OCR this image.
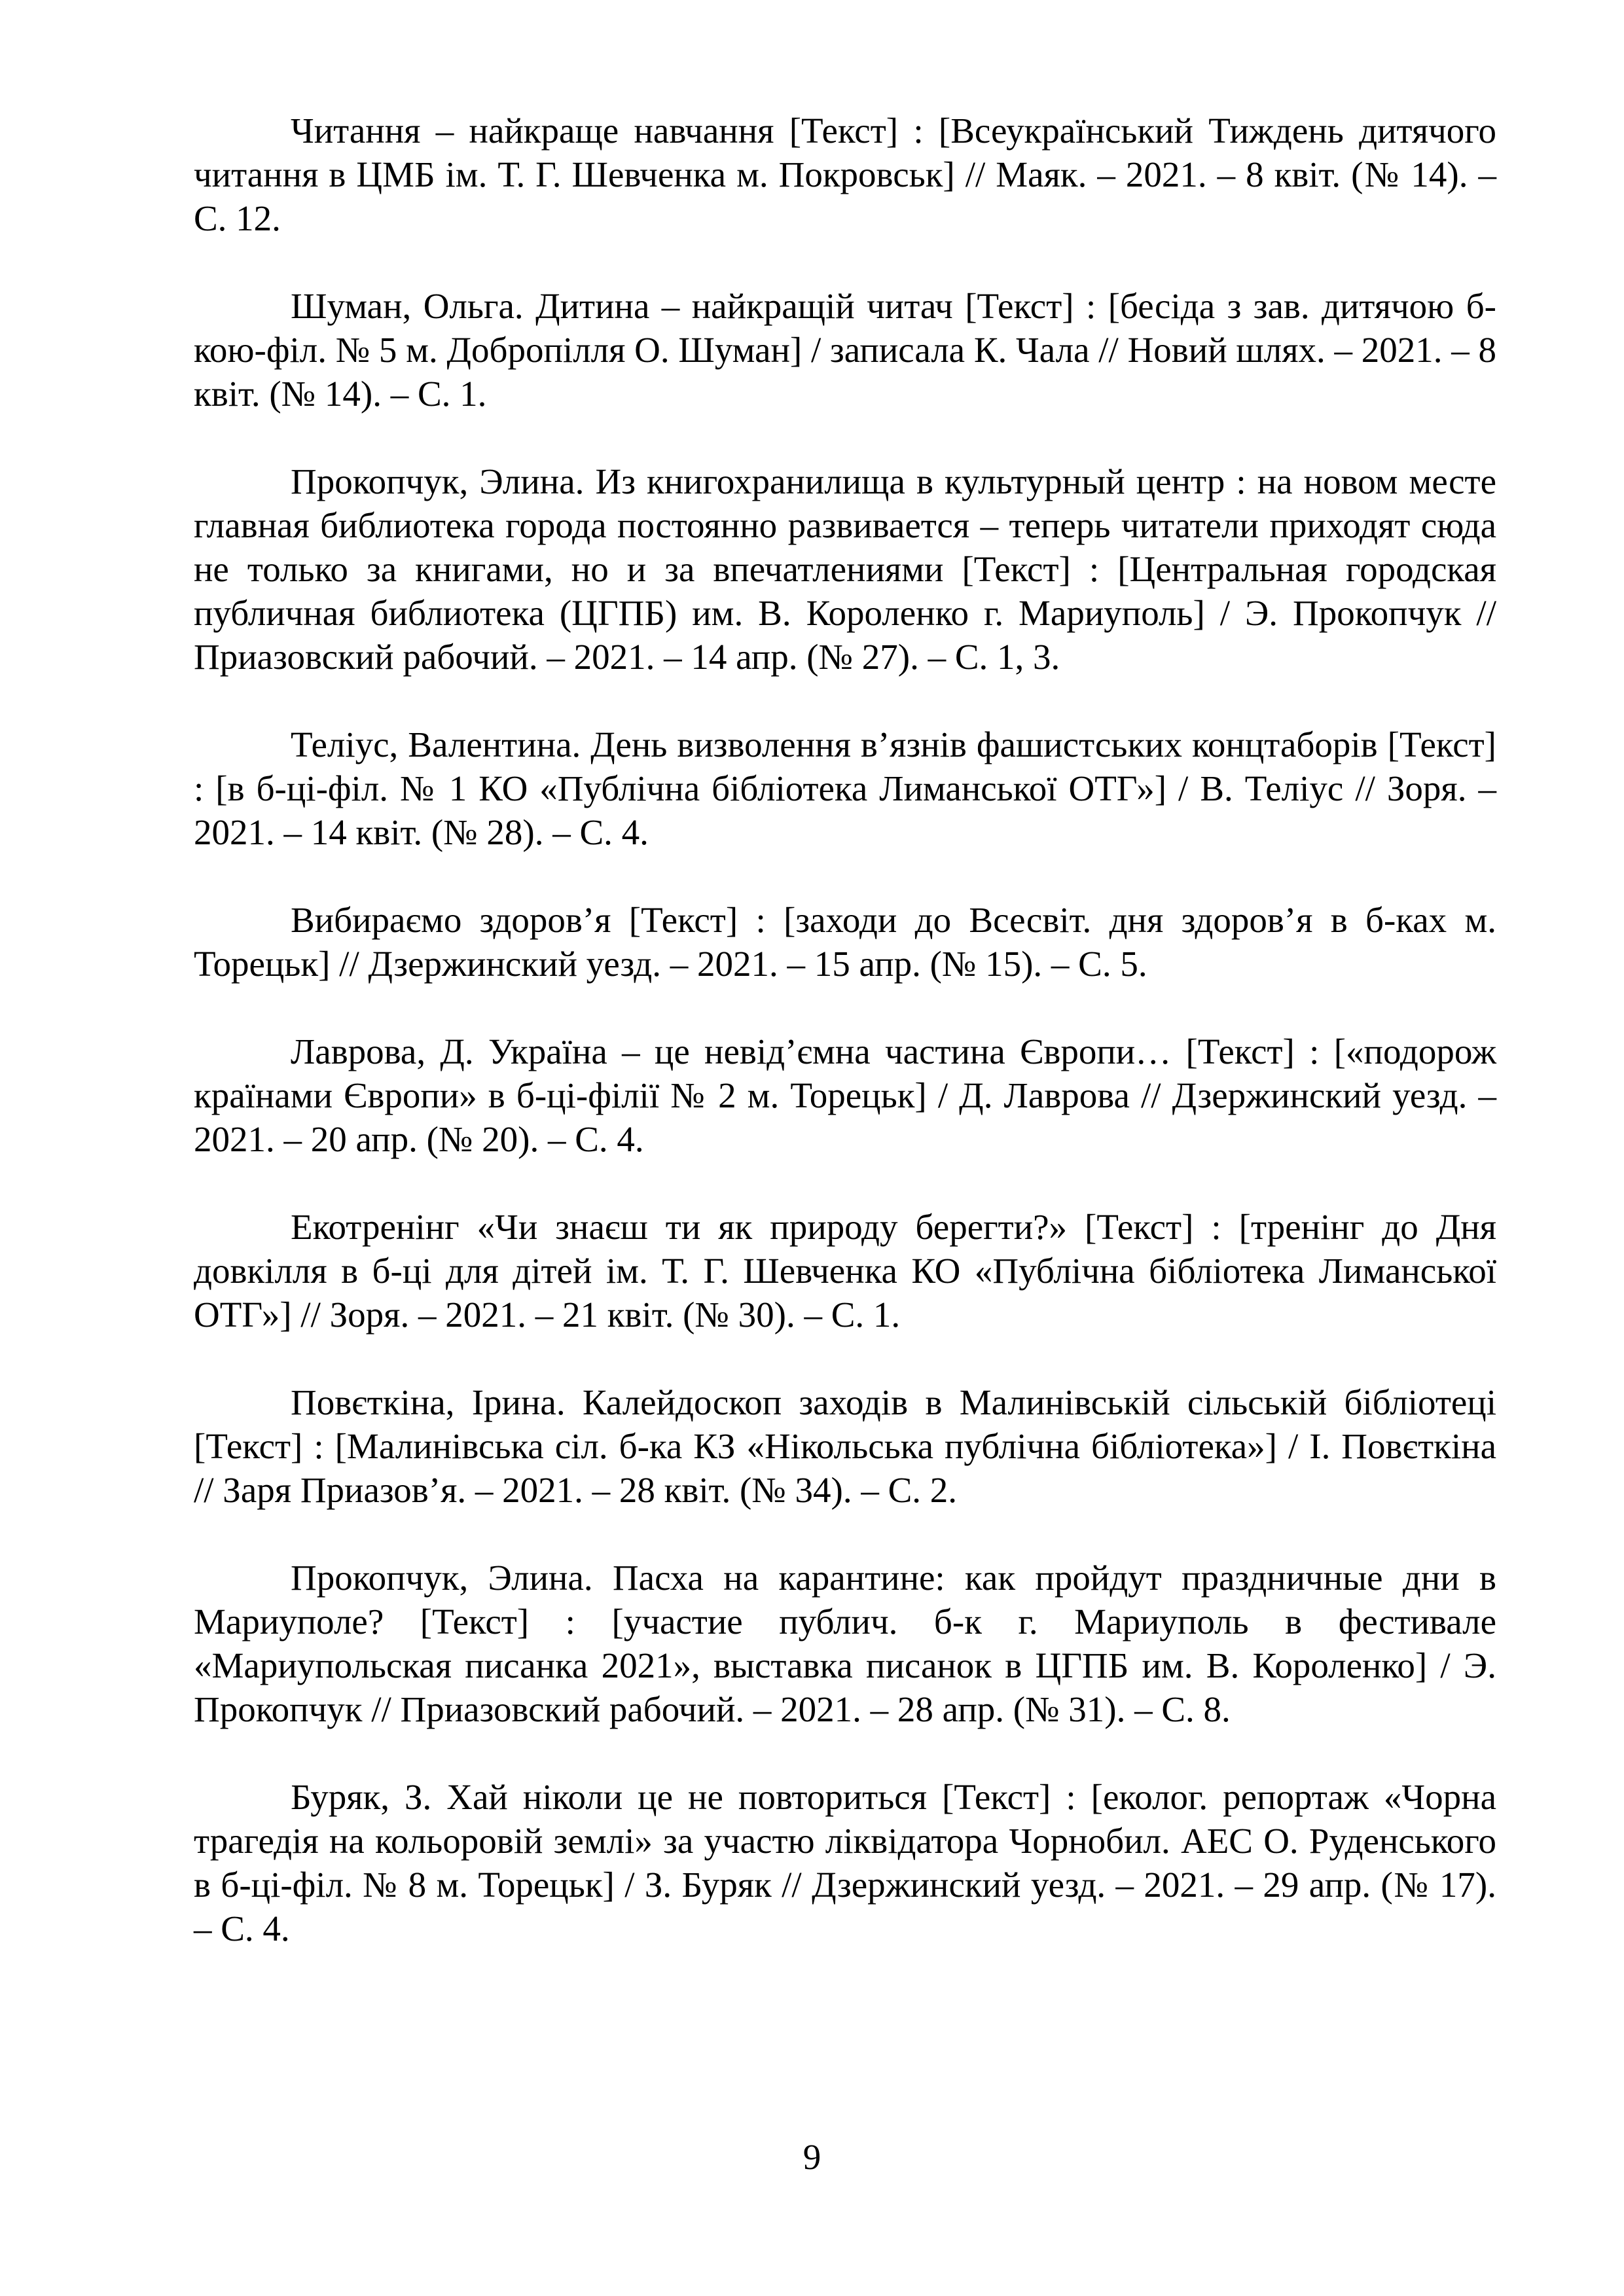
Читання – найкраще навчання [Текст] : [Всеукраїнський Тиждень дитячого читання в ЦМБ ім. Т. Г. Шевченка м. Покровськ] // Маяк. – 2021. – 8 квіт. (№ 14). – С. 12.

Шуман, Ольга. Дитина – найкращій читач [Текст] : [бесіда з зав. дитячою б-кою-філ. № 5 м. Добропілля О. Шуман] / записала К. Чала // Новий шлях. – 2021. – 8 квіт. (№ 14). – С. 1.

Прокопчук, Элина. Из книгохранилища в культурный центр : на новом месте главная библиотека города постоянно развивается – теперь читатели приходят сюда не только за книгами, но и за впечатлениями [Текст] : [Центральная городская публичная библиотека (ЦГПБ) им. В. Короленко г. Мариуполь] / Э. Прокопчук // Приазовский рабочий. – 2021. – 14 апр. (№ 27). – С. 1, 3.

Теліус, Валентина. День визволення в’язнів фашистських концтаборів [Текст] : [в б-ці-філ. № 1 КО «Публічна бібліотека Лиманської ОТГ»] / В. Теліус // Зоря. – 2021. – 14 квіт. (№ 28). – С. 4.

Вибираємо здоров’я [Текст] : [заходи до Всесвіт. дня здоров’я в б-ках м. Торецьк] // Дзержинский уезд. – 2021. – 15 апр. (№ 15). – С. 5.

Лаврова, Д. Україна – це невід’ємна частина Європи… [Текст] : [«подорож країнами Європи» в б-ці-філії № 2 м. Торецьк] / Д. Лаврова // Дзержинский уезд. – 2021. – 20 апр. (№ 20). – С. 4.

Екотренінг «Чи знаєш ти як природу берегти?» [Текст] : [тренінг до Дня довкілля в б-ці для дітей ім. Т. Г. Шевченка КО «Публічна бібліотека Лиманської ОТГ»] // Зоря. – 2021. – 21 квіт. (№ 30). – С. 1.

Повєткіна, Ірина. Калейдоскоп заходів в Малинівській сільській бібліотеці [Текст] : [Малинівська сіл. б-ка КЗ «Нікольська публічна бібліотека»] / І. Повєткіна // Заря Приазов’я. – 2021. – 28 квіт. (№ 34). – С. 2.

Прокопчук, Элина. Пасха на карантине: как пройдут праздничные дни в Мариуполе? [Текст] : [участие публич. б-к г. Мариуполь в фестивале «Мариупольская писанка 2021», выставка писанок в ЦГПБ им. В. Короленко] / Э. Прокопчук // Приазовский рабочий. – 2021. – 28 апр. (№ 31). – С. 8.

Буряк, З. Хай ніколи це не повториться [Текст] : [еколог. репортаж «Чорна трагедія на кольоровій землі» за участю ліквідатора Чорнобил. АЕС О. Руденського в б-ці-філ. № 8 м. Торецьк] / З. Буряк // Дзержинский уезд. – 2021. – 29 апр. (№ 17). – С. 4.

9
